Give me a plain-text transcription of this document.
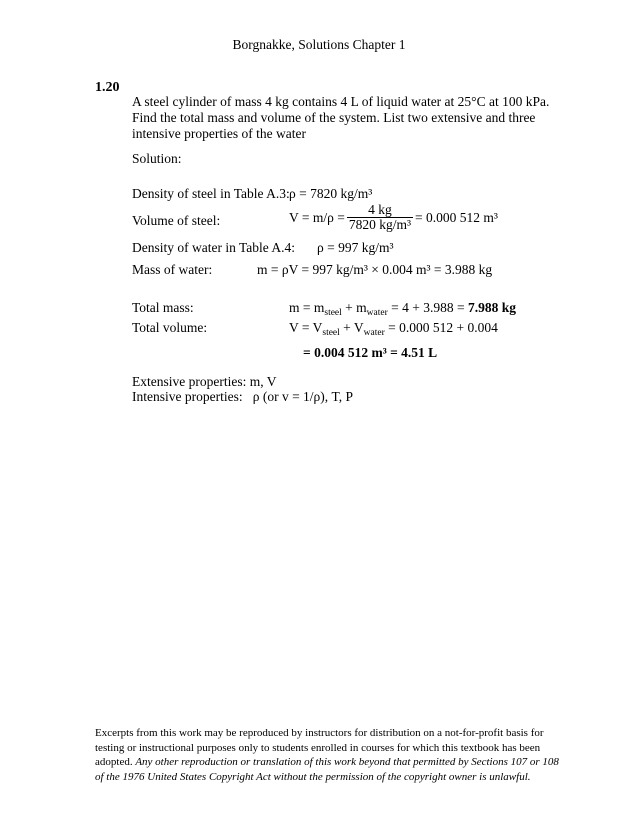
Borgnakke, Solutions Chapter 1
1.20
A steel cylinder of mass 4 kg contains 4 L of liquid water at 25°C at 100 kPa.
Find the total mass and volume of the system. List two extensive and three
intensive properties of the water
Solution:
Density of steel in Table A.3: ρ = 7820 kg/m³
Volume of steel:	$V = m/\rho = \frac{4 kg}{\text{7820 kg/m³}} = 0.000$ 512 m³
Density of water in Table A.4: ρ = 997 kg/m³
Mass of water:	m = ρV = 997 kg/m³ × 0.004 m³ = 3.988 kg
Total mass:	$m = m_{steel} + m_{water} = 4 + 3.988 = 7.988$ kg
Total volume:	$V = V_{steel} + V_{water} = 0.000$ 512 + 0.004
= 0.004 512 m³ = 4.51 L
Extensive properties: m, V
Intensive properties: ρ (or v = 1/ρ), T, P
Excerpts from this work may be reproduced by instructors for distribution on a not-for-profit basis for
testing or instructional purposes only to students enrolled in courses for which this textbook has been
adopted. Any other reproduction or translation of this work beyond that permitted by Sections 107 or 108
of the 1976 United States Copyright Act without the permission of the copyright owner is unlawful.
